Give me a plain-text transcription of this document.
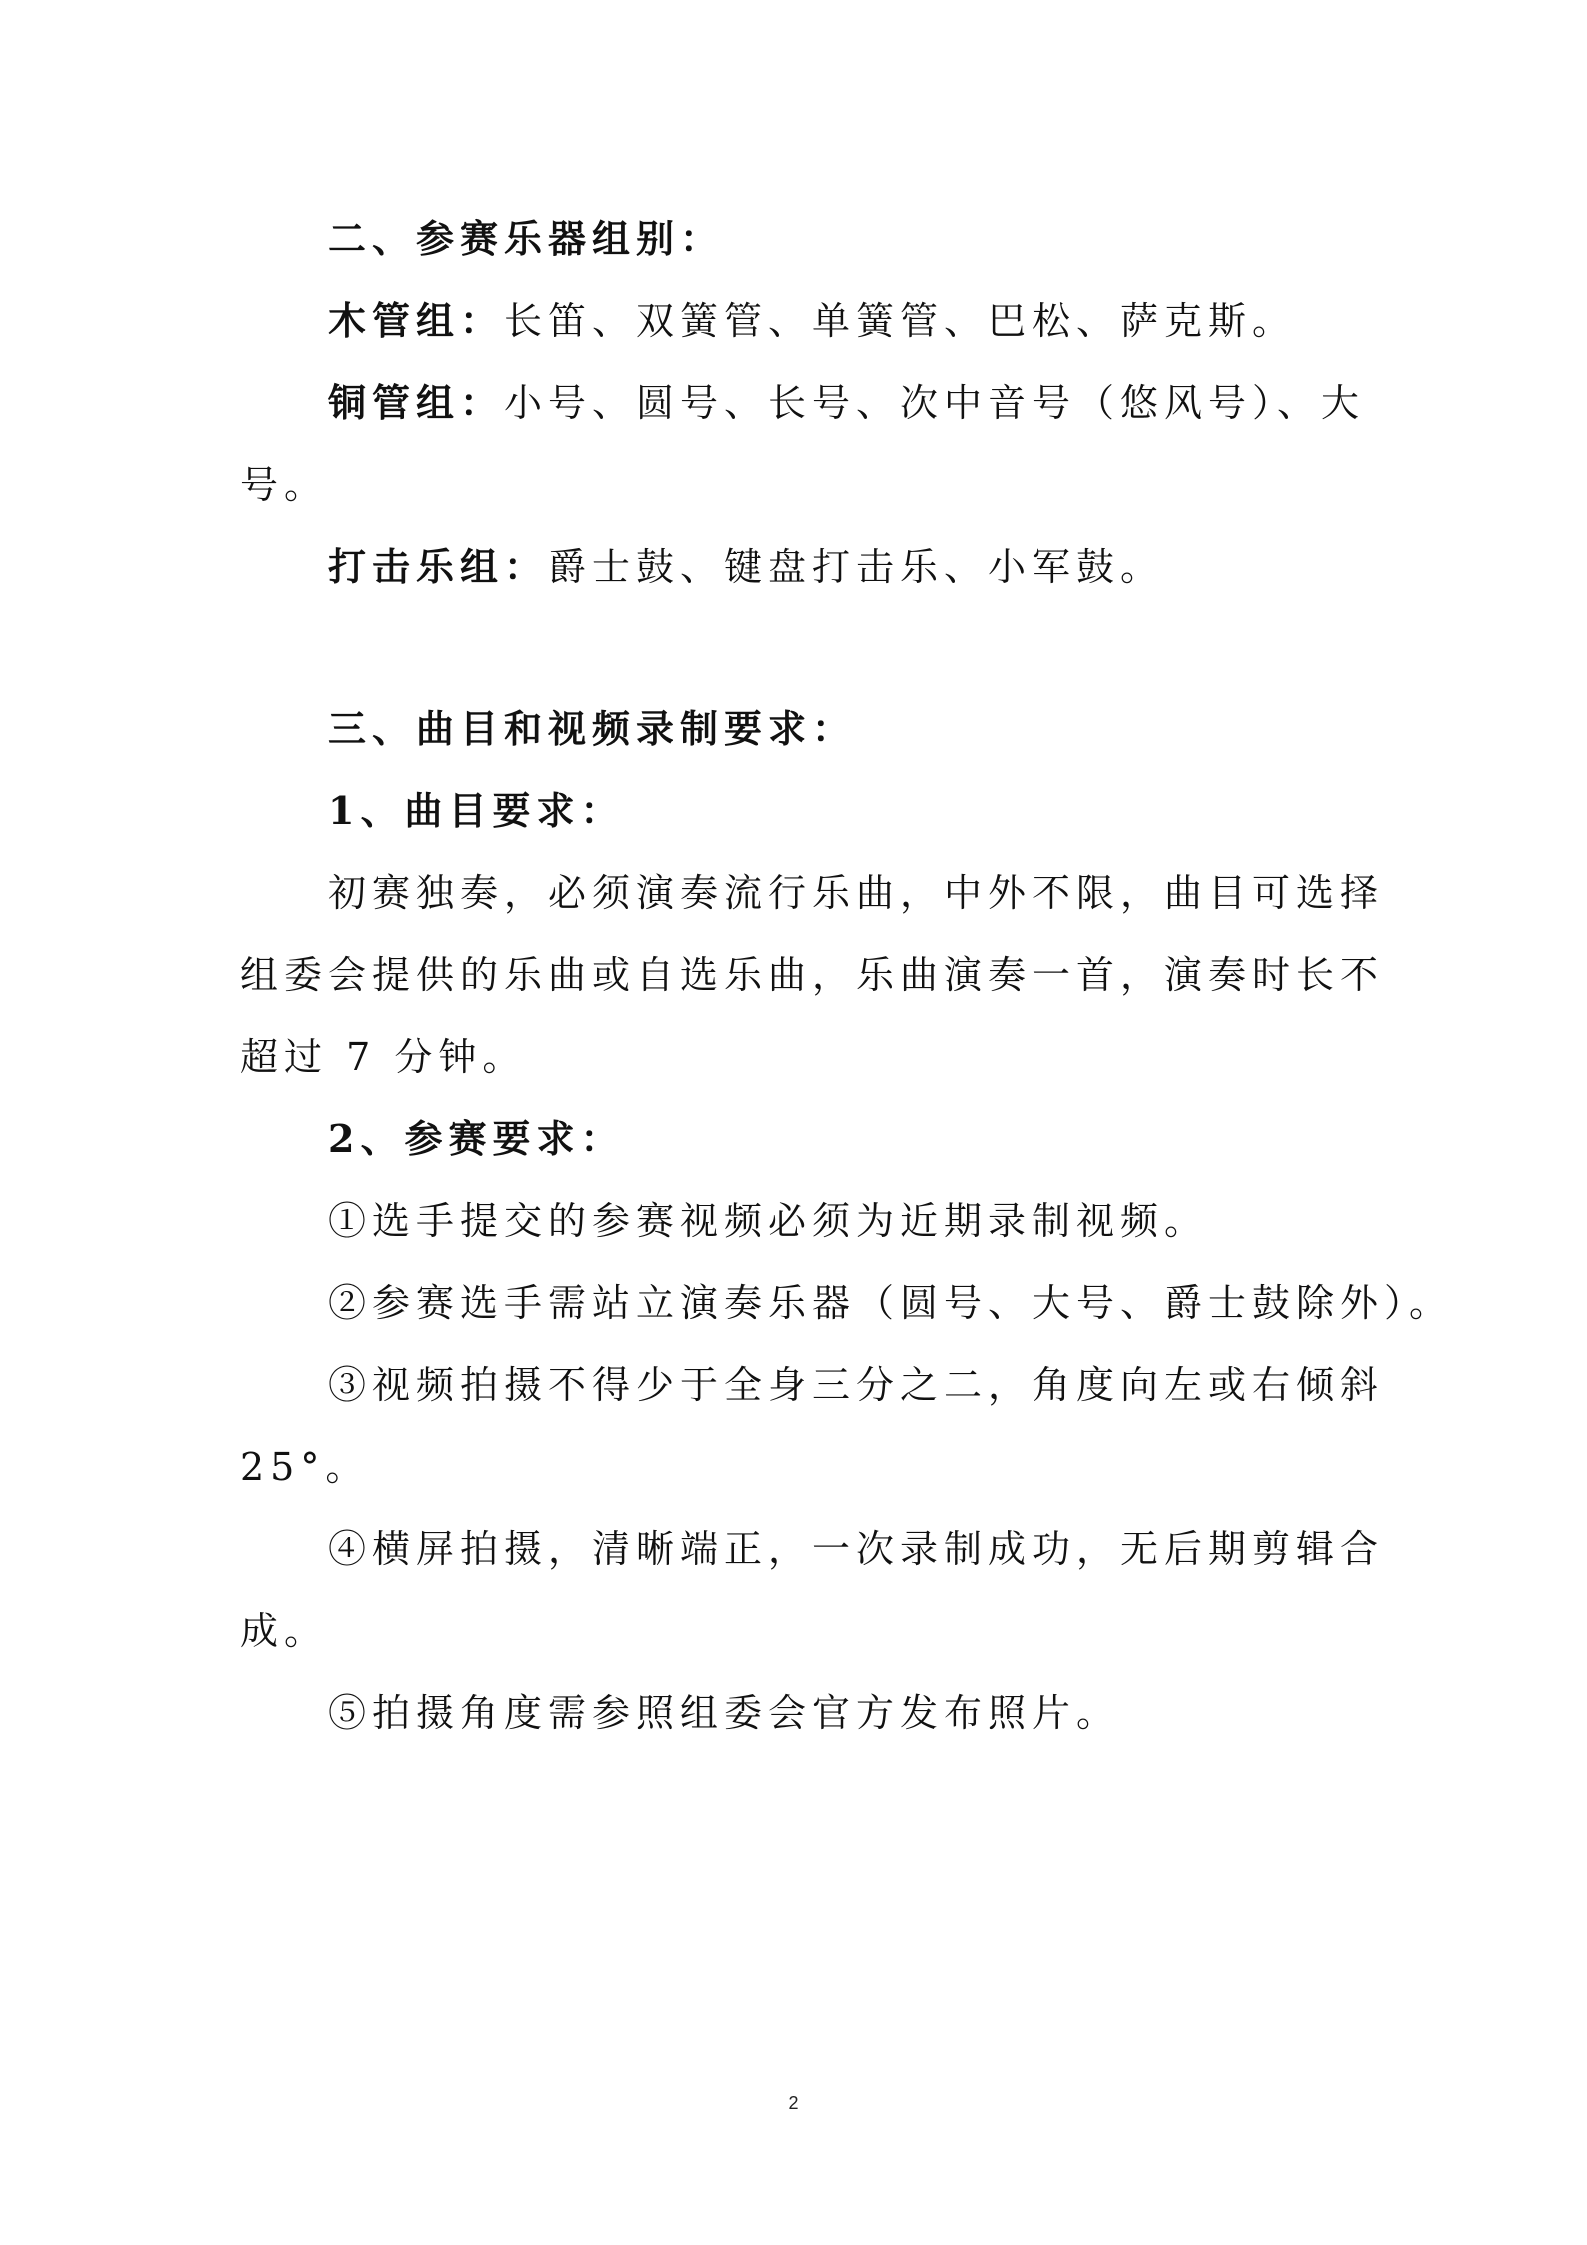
二、参赛乐器组别：
木管组：长笛、双簧管、单簧管、巴松、萨克斯。
铜管组：小号、圆号、长号、次中音号（悠风号）、大
号。
打击乐组：爵士鼓、键盘打击乐、小军鼓。
三、曲目和视频录制要求：
1、曲目要求：
初赛独奏，必须演奏流行乐曲，中外不限，曲目可选择
组委会提供的乐曲或自选乐曲，乐曲演奏一首，演奏时长不
超过 7 分钟。
2、参赛要求：
①选手提交的参赛视频必须为近期录制视频。
②参赛选手需站立演奏乐器（圆号、大号、爵士鼓除外）。
③视频拍摄不得少于全身三分之二，角度向左或右倾斜
25°。
④横屏拍摄，清晰端正，一次录制成功，无后期剪辑合
成。
⑤拍摄角度需参照组委会官方发布照片。
2
